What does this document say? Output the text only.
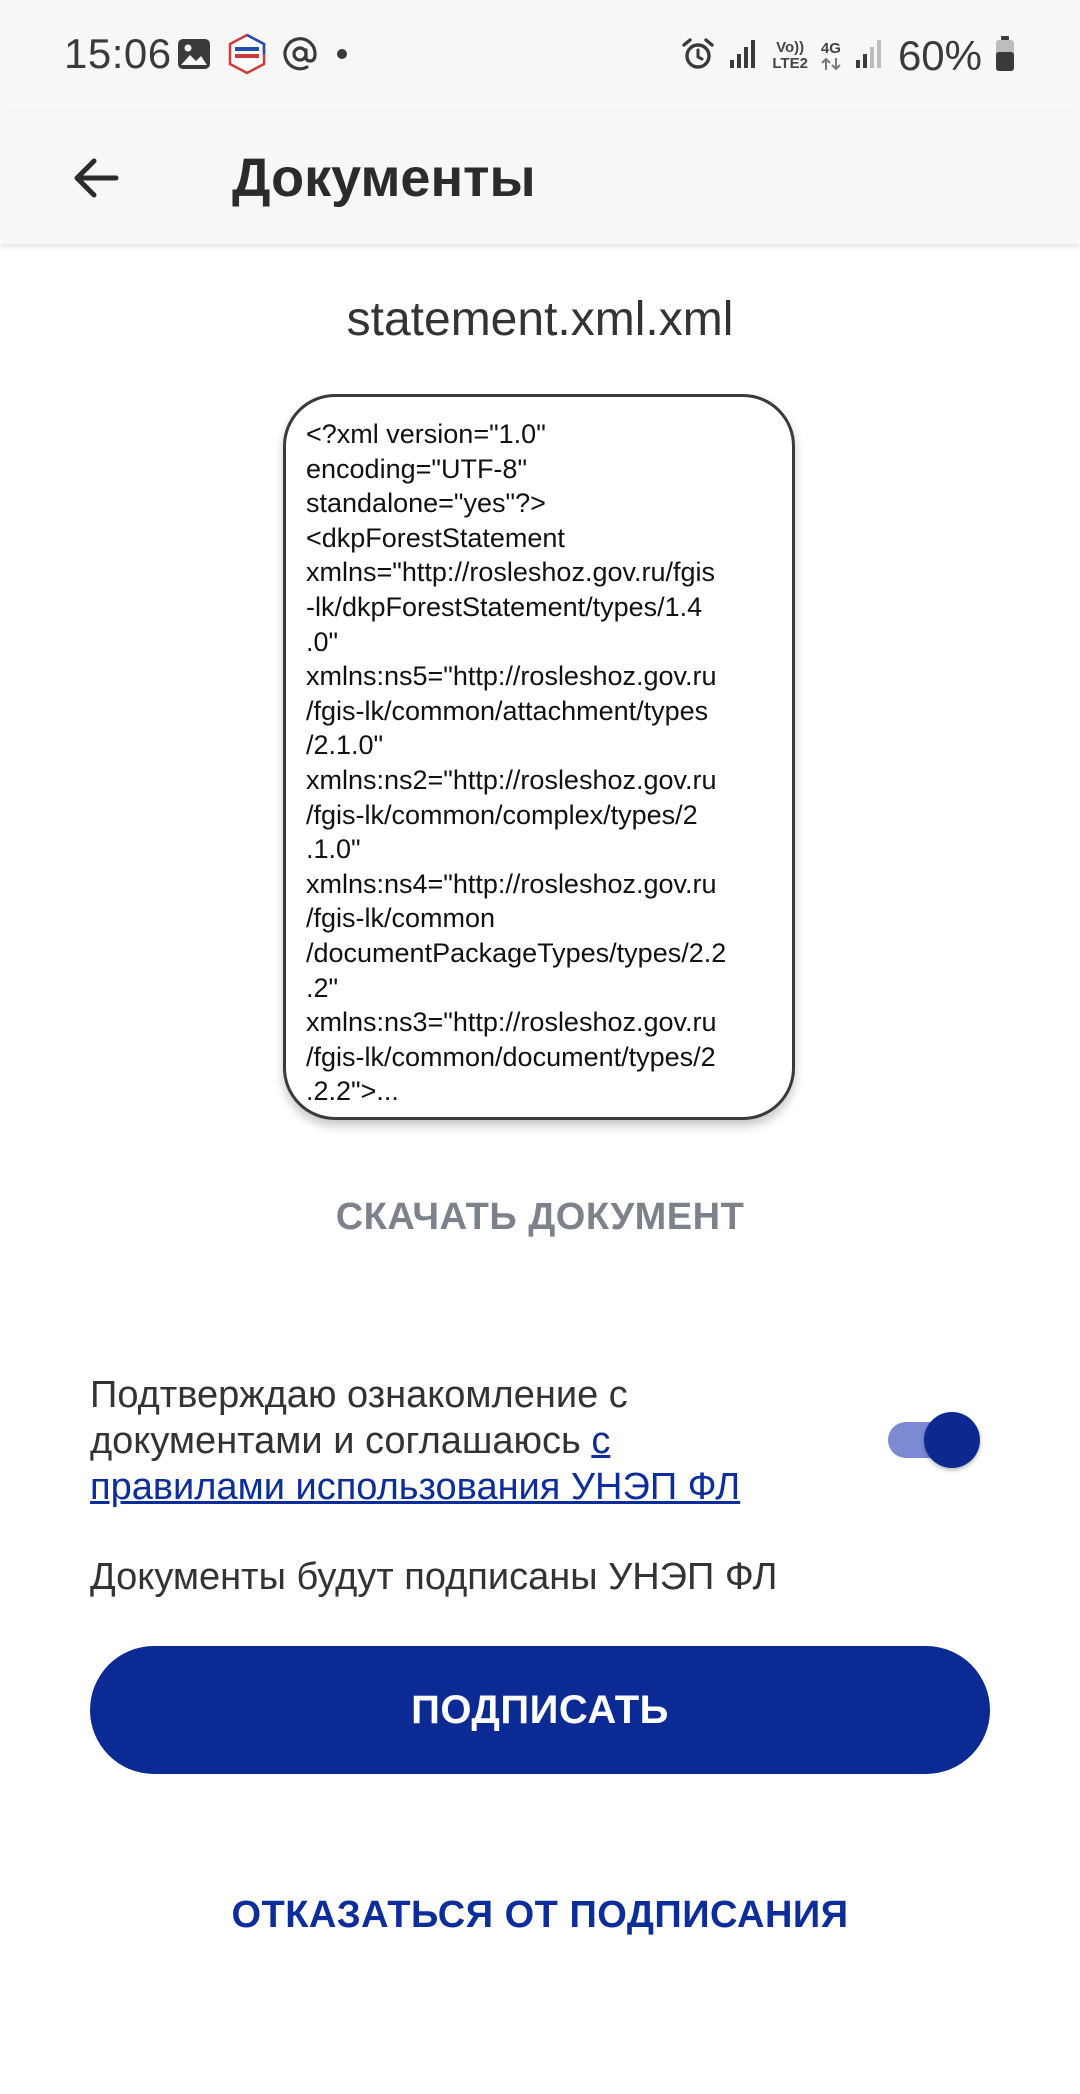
15:06	Vo))
LTE2
4G 60%
Документы
statement.xml.xml
<?xml version="1.0"
encoding="UTF-8"
standalone="yes"?>
<dkpForestStatement
xmlns="http://rosleshoz.gov.ru/fgis
-lk/dkpForestStatement/types/1.4
.0"
xmlns:ns5="http://rosleshoz.gov.ru
/fgis-lk/common/attachment/types
/2.1.0"
xmlns:ns2="http://rosleshoz.gov.ru
/fgis-lk/common/complex/types/2
.1.0"
xmlns:ns4="http://rosleshoz.gov.ru
/fgis-lk/common
/documentPackageTypes/types/2.2
.2"
xmlns:ns3="http://rosleshoz.gov.ru
/fgis-lk/common/document/types/2
.2.2">...
СКАЧАТЬ ДОКУМЕНТ
Подтверждаю ознакомление с документами и соглашаюсь с правилами использования УНЭП ФЛ
Документы будут подписаны УНЭП ФЛ
ПОДПИСАТЬ
ОТКАЗАТЬСЯ ОТ ПОДПИСАНИЯ
